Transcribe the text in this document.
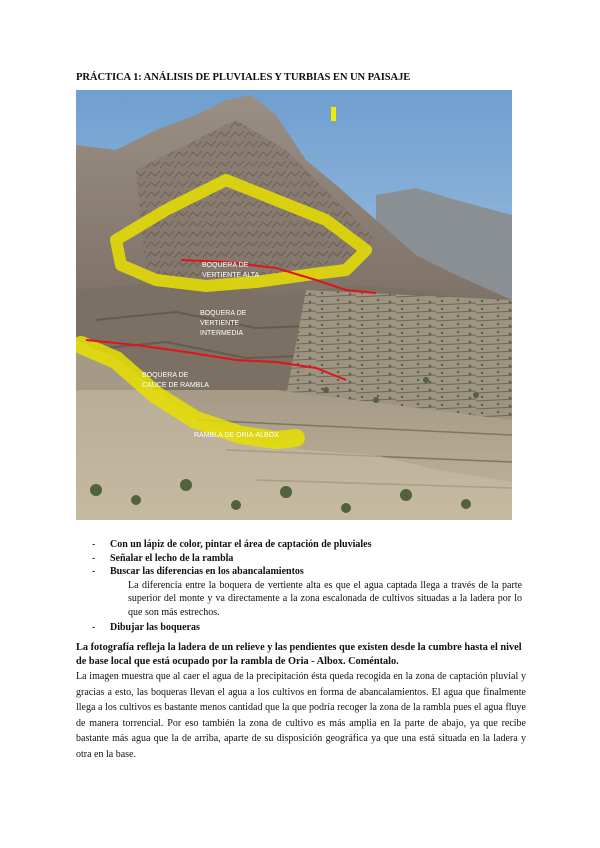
PRÁCTICA 1: ANÁLISIS DE PLUVIALES Y TURBIAS EN UN PAISAJE
BOQUERA DE
VERTIENTE ALTA
BOQUERA DE
VERTIENTE
INTERMEDIA
BOQUERA DE
CAUCE DE RAMBLA
RAMBLA DE ORIA-ALBOX
- Con un lápiz de color, pintar el área de captación de pluviales
- Señalar el lecho de la rambla
- Buscar las diferencias en los abancalamientos
La diferencia entre la boquera de vertiente alta es que el agua captada llega a través de la parte superior del monte y va directamente a la zona escalonada de cultivos situadas a la ladera por lo que son más estrechos.
- Dibujar las boqueras
La fotografía refleja la ladera de un relieve y las pendientes que existen desde la cumbre hasta el nivel de base local que está ocupado por la rambla de Oria - Albox. Coméntalo.
La imagen muestra que al caer el agua de la precipitación ésta queda recogida en la zona de captación pluvial y gracias a esto, las boqueras llevan el agua a los cultivos en forma de abancalamientos. El agua que finalmente llega a los cultivos es bastante menos cantidad que la que podría recoger la zona de la rambla pues el agua fluye de manera torrencial. Por eso también la zona de cultivo es más amplia en la parte de abajo, ya que recibe bastante más agua que la de arriba, aparte de su disposición geográfica ya que una está situada en la ladera y otra en la base.
